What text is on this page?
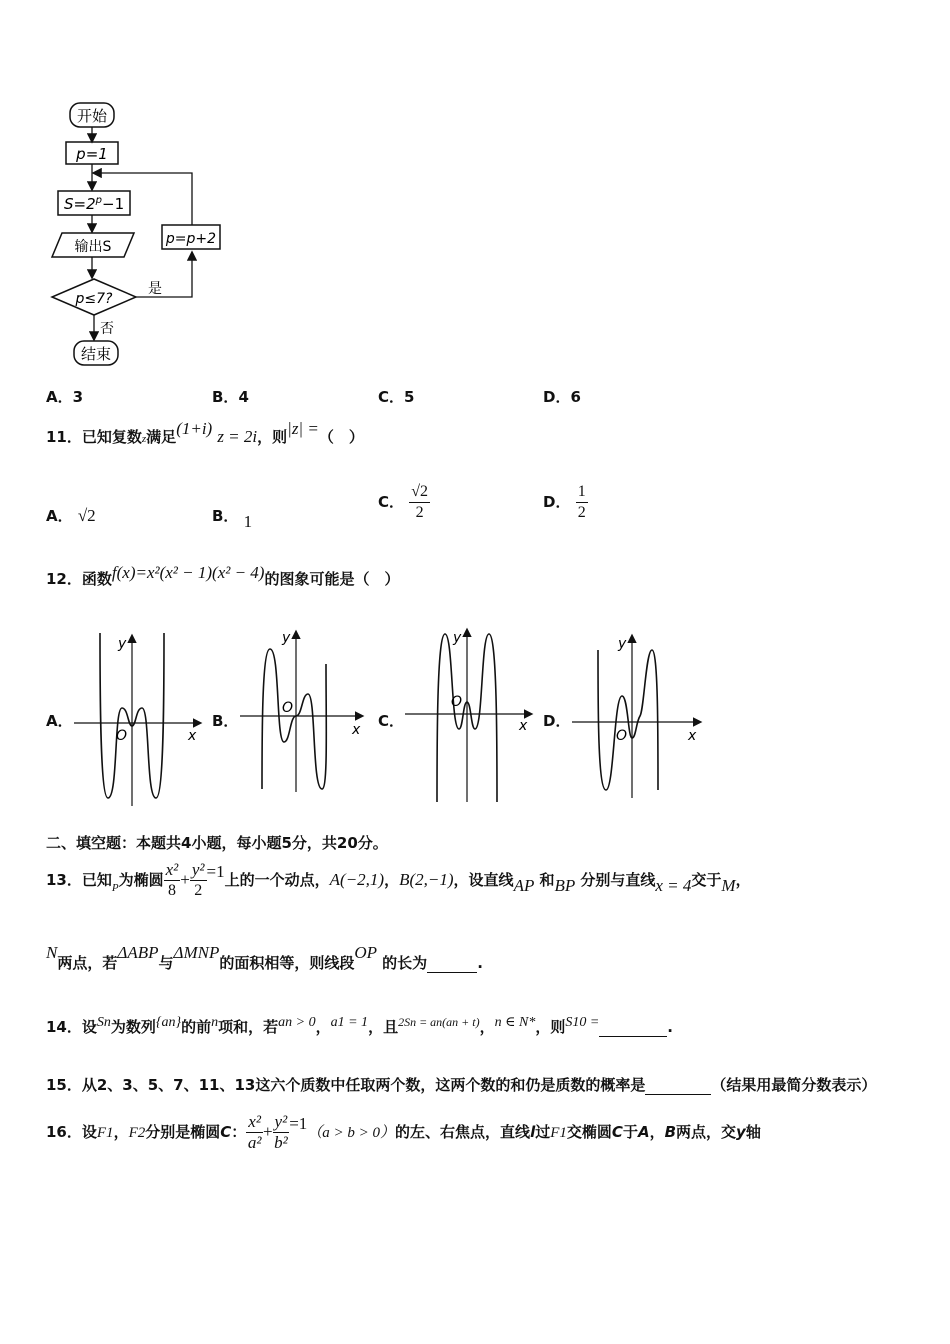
开始
p=1
$S=2^p-1$
输出S
p≤7?
是
p=p+2
否
结束
A．3	B．4	C．5	D．6
11．已知复数z满足(1+i) z = 2i，则|z| =（　）
A． √2	B． 1
C． $\frac{√2}{2}$	D． $\frac{1}{2}$
12．函数f(x)=x²(x² − 1)(x² − 4)的图象可能是（　）
A．	B．	C．	D．
y
x
O
y
x
O
y
x
O
y
x
O
二、填空题：本题共4小题，每小题5分，共20分。
13．已知$_P$为椭圆 $\frac{\text{x²}}{8} + \frac{\text{y²}}{2} =1$上的一个动点，A(−2,1)，B(2,−1)，设直线AP 和BP 分别与直线x = 4交于M，
N两点，若ΔABP与ΔMNP的面积相等，则线段OP 的长为	.
14．设Sn为数列{an}的前n项和，若an > 0，a1 = 1，且$^{2Sn = an(an + t)}$，n ∈ N*，则S10 =	.
15．从2、3、5、7、11、13这六个质数中任取两个数，这两个数的和仍是质数的概率是	（结果用最简分数表示）
16．设F1，F2分别是椭圆C： $\frac{\text{x²}}{\text{a²}} + \frac{\text{y²}}{\text{b²}} =1(a > b > 0)$的左、右焦点，直线l过F1交椭圆C于A，B两点，交y轴
